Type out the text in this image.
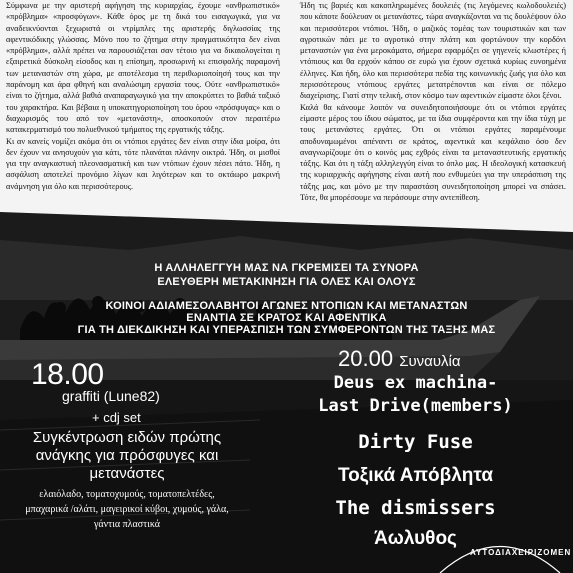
Σύμφωνα με την αριστερή αφήγηση της κυριαρχίας, έχουμε «ανθρωπιστικό» «πρόβλημα» «προσφύγων». Κάθε όρος με τη δικά του εισαγωγικά, για να αναδεικνύονται ξεχωριστά οι ντρίμπλες της αριστερής διγλωσσίας της αφεντικόδικης γλώσσας. Μόνο που το ζήτημα στην πραγματικότητα δεν είναι «πρόβλημα», αλλά πρέπει να παρουσιάζεται σαν τέτοιο για να δικαιολογείται η εξαιρετικά δύσκολη είσοδος και η επίσημη, προσωρινή κι επισφαλής παραμονή των μεταναστών στη χώρα, με αποτέλεσμα τη περιθωριοποίησή τους και την παράνομη και άρα φθηνή και αναλώσιμη εργασία τους. Ούτε «ανθρωπιστικό» είναι το ζήτημα, αλλά βαθιά αναπαραγωγικό για την αποκρύπτει το βαθιά ταξικό του χαρακτήρα. Και βέβαια η υποκατηγοριοποίηση του όρου «πρόσφυγας» και ο διαχωρισμός του από τον «μετανάστη», αποσκοπούν στον περαιτέρω κατακερματισμό του πολυεθνικού τμήματος της εργατικής τάξης.

Κι αν κανείς νομίζει ακόμα ότι οι ντόπιοι εργάτες δεν είναι στην ίδια μοίρα, ότι δεν έχουν να ανησυχούν για κάτι, τότε πλανάται πλάνην οικτρά. Ήδη, οι μισθοί για την αναγκαστική πλεονασματική και των ντόπιων έχουν πέσει πάτο. Ήδη, η ασφάλιση αποτελεί προνόμιο λίγων και λιγότερων και το οκτάωρο μακρινή ανάμνηση για όλο και περισσότερους.

Ήδη τις βαριές και κακοπληρωμένες δουλειές (τις λεγόμενες κωλοδουλειές) που κάποτε δούλευαν οι μετανάστες, τώρα αναγκάζονται να τις δουλέψουν όλο και περισσότεροι ντόπιοι. Ήδη, ο μαζικός τομέας των τουριστικών και των αγροτικών πάει με το αγροτικό στην πλάτη και φορτώνουν την κορδόνι μεταναστών για ένα μεροκάματο, σήμερα εφαρμόζει σε γηγενείς κλωστέρες ή ντόπιους και θα ερχούν κάπου σε ευρώ για έχουν σχετικά κυρίως ευνοημένα έλληνες. Και ήδη, όλο και περισσότερα πεδία της κοινωνικής ζωής για όλο και περισσότερους ντόπιους εργάτες μετατρέπονται και είναι σε πόλεμο διαχείρισης. Γιατί στην τελική, στον κόσμο των αφεντικών είμαστε όλοι ξένοι.

Καλά θα κάνουμε λοιπόν να συνειδητοποιήσουμε ότι οι ντόπιοι εργάτες είμαστε μέρος του ίδιου σώματος, με τα ίδια συμφέροντα και την ίδια τύχη με τους μετανάστες εργάτες. Ότι οι ντόπιοι εργάτες παραμένουμε αποδυναμωμένοι απέναντι σε κράτος, αφεντικά και κεφάλαιο όσο δεν αναγνωρίζουμε ότι ο κοινός μας εχθρός είναι τα μεταναστευτικής εργατικής τάξης. Και ότι η τάξη αλληλεγγύη είναι το όπλο μας. Η ιδεολογική κατασκευή της κυριαρχικής αφήγησης είναι αυτή που ενθυμεύει για την υπεράσπιση της τάξης μας, και μόνο με την παραστάση συνειδητοποίηση μπορεί να σπάσει. Τότε, θα μπορέσουμε να περάσουμε στην αντεπίθεση.

Η ΑΛΛΗΛΕΓΓΥΗ ΜΑΣ ΝΑ ΓΚΡΕΜΙΣΕΙ ΤΑ ΣΥΝΟΡΑ
ΕΛΕΥΘΕΡΗ ΜΕΤΑΚΙΝΗΣΗ ΓΙΑ ΟΛΕΣ ΚΑΙ ΟΛΟΥΣ
ΚΟΙΝΟΙ ΑΔΙΑΜΕΣΟΛΑΒΗΤΟΙ ΑΓΩΝΕΣ ΝΤΟΠΙΩΝ ΚΑΙ ΜΕΤΑΝΑΣΤΩΝ
ΕΝΑΝΤΙΑ ΣΕ ΚΡΑΤΟΣ ΚΑΙ ΑΦΕΝΤΙΚΑ
ΓΙΑ ΤΗ ΔΙΕΚΔΙΚΗΣΗ ΚΑΙ ΥΠΕΡΑΣΠΙΣΗ ΤΩΝ ΣΥΜΦΕΡΟΝΤΩΝ ΤΗΣ ΤΑΞΗΣ ΜΑΣ
18.00
graffiti (Lune82)
+ cdj set
Συγκέντρωση ειδών πρώτης ανάγκης για πρόσφυγες και μετανάστες
ελαιόλαδο, τοματοχυμούς, τοματοπελτέδες, μπαχαρικά /αλάτι, μαγειρικοί κύβοι, χυμούς, γάλα, γάντια πλαστικά
20.00 Συναυλία
Deus ex machina-
Last Drive(members)
Dirty Fuse
Τοξικά Απόβλητα
The dismissers
Άωλυθος
ΑΥΤΟΔΙΑΧΕΙΡΙΖΟΜΕΝ
